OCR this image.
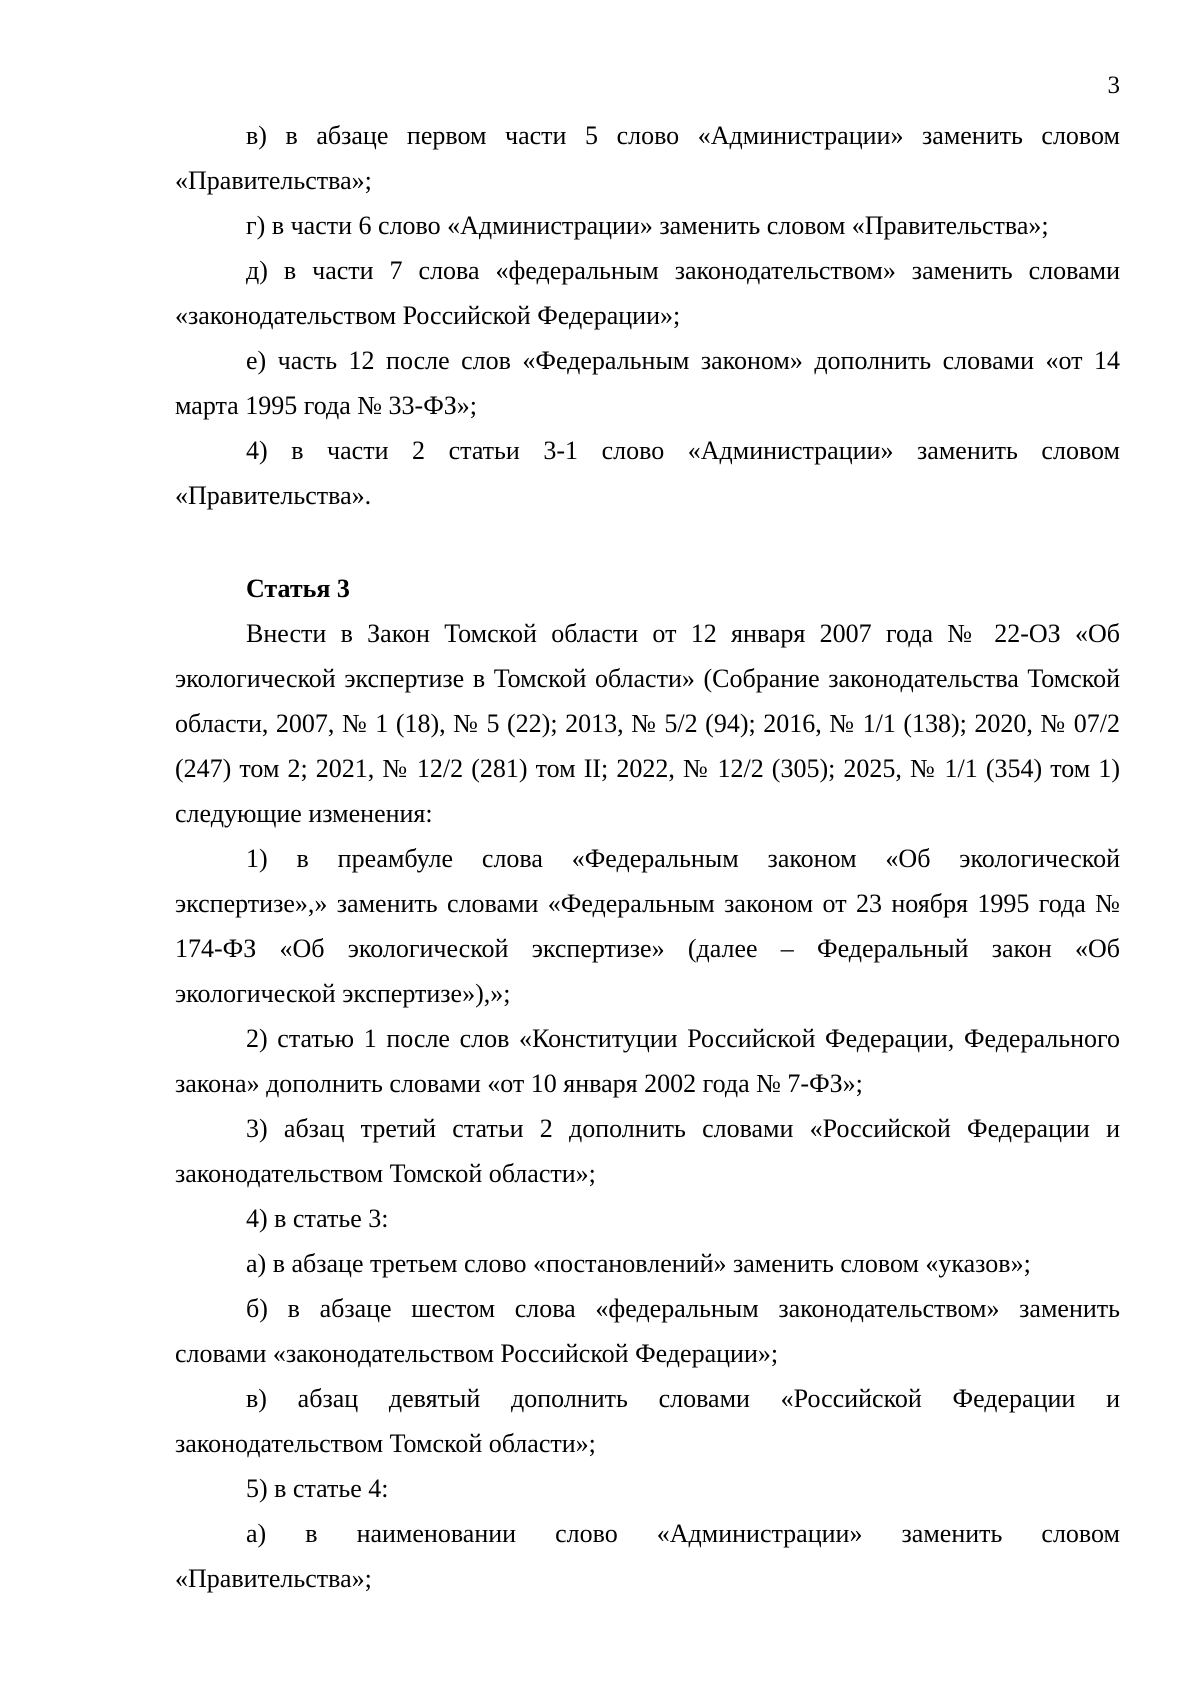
3

в) в абзаце первом части 5 слово «Администрации» заменить словом «Правительства»;

г) в части 6 слово «Администрации» заменить словом «Правительства»;

д) в части 7 слова «федеральным законодательством» заменить словами «законодательством Российской Федерации»;

е) часть 12 после слов «Федеральным законом» дополнить словами «от 14 марта 1995 года № 33-ФЗ»;

4) в части 2 статьи 3-1 слово «Администрации» заменить словом «Правительства».

Статья 3

Внести в Закон Томской области от 12 января 2007 года № 22-ОЗ «Об экологической экспертизе в Томской области» (Собрание законодательства Томской области, 2007, № 1 (18), № 5 (22); 2013, № 5/2 (94); 2016, № 1/1 (138); 2020, № 07/2 (247) том 2; 2021, № 12/2 (281) том II; 2022, № 12/2 (305); 2025, № 1/1 (354) том 1) следующие изменения:

1) в преамбуле слова «Федеральным законом «Об экологической экспертизе»,» заменить словами «Федеральным законом от 23 ноября 1995 года № 174-ФЗ «Об экологической экспертизе» (далее – Федеральный закон «Об экологической экспертизе»),»;

2) статью 1 после слов «Конституции Российской Федерации, Федерального закона» дополнить словами «от 10 января 2002 года № 7-ФЗ»;

3) абзац третий статьи 2 дополнить словами «Российской Федерации и законодательством Томской области»;

4) в статье 3:

а) в абзаце третьем слово «постановлений» заменить словом «указов»;

б) в абзаце шестом слова «федеральным законодательством» заменить словами «законодательством Российской Федерации»;

в) абзац девятый дополнить словами «Российской Федерации и законодательством Томской области»;

5) в статье 4:

а) в наименовании слово «Администрации» заменить словом «Правительства»;
